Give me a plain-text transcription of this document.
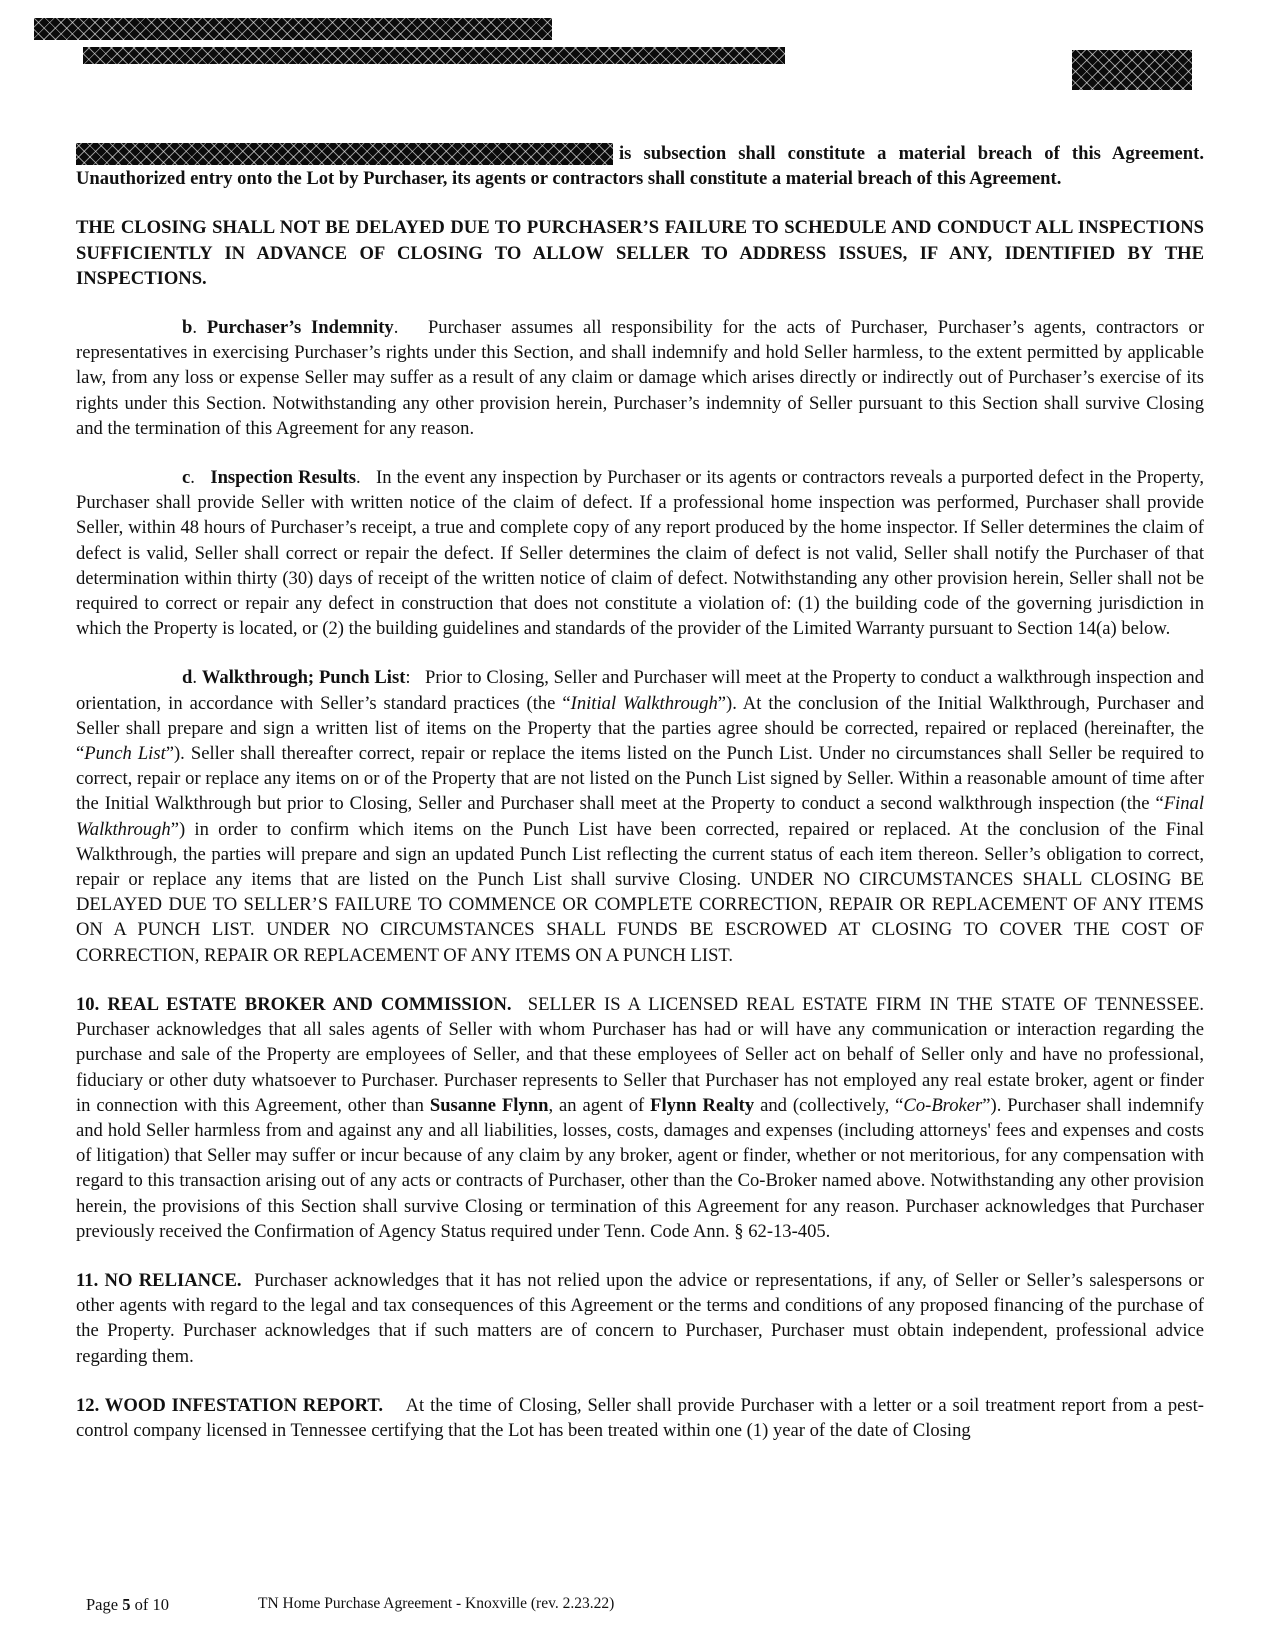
is subsection shall constitute a material breach of this Agreement. Unauthorized entry onto the Lot by Purchaser, its agents or contractors shall constitute a material breach of this Agreement.

THE CLOSING SHALL NOT BE DELAYED DUE TO PURCHASER’S FAILURE TO SCHEDULE AND CONDUCT ALL INSPECTIONS SUFFICIENTLY IN ADVANCE OF CLOSING TO ALLOW SELLER TO ADDRESS ISSUES, IF ANY, IDENTIFIED BY THE INSPECTIONS.

b. Purchaser’s Indemnity.   Purchaser assumes all responsibility for the acts of Purchaser, Purchaser’s agents, contractors or representatives in exercising Purchaser’s rights under this Section, and shall indemnify and hold Seller harmless, to the extent permitted by applicable law, from any loss or expense Seller may suffer as a result of any claim or damage which arises directly or indirectly out of Purchaser’s exercise of its rights under this Section. Notwithstanding any other provision herein, Purchaser’s indemnity of Seller pursuant to this Section shall survive Closing and the termination of this Agreement for any reason.

c.   Inspection Results.   In the event any inspection by Purchaser or its agents or contractors reveals a purported defect in the Property, Purchaser shall provide Seller with written notice of the claim of defect. If a professional home inspection was performed, Purchaser shall provide Seller, within 48 hours of Purchaser’s receipt, a true and complete copy of any report produced by the home inspector. If Seller determines the claim of defect is valid, Seller shall correct or repair the defect. If Seller determines the claim of defect is not valid, Seller shall notify the Purchaser of that determination within thirty (30) days of receipt of the written notice of claim of defect. Notwithstanding any other provision herein, Seller shall not be required to correct or repair any defect in construction that does not constitute a violation of: (1) the building code of the governing jurisdiction in which the Property is located, or (2) the building guidelines and standards of the provider of the Limited Warranty pursuant to Section 14(a) below.

d. Walkthrough; Punch List:   Prior to Closing, Seller and Purchaser will meet at the Property to conduct a walkthrough inspection and orientation, in accordance with Seller’s standard practices (the “Initial Walkthrough”). At the conclusion of the Initial Walkthrough, Purchaser and Seller shall prepare and sign a written list of items on the Property that the parties agree should be corrected, repaired or replaced (hereinafter, the “Punch List”). Seller shall thereafter correct, repair or replace the items listed on the Punch List. Under no circumstances shall Seller be required to correct, repair or replace any items on or of the Property that are not listed on the Punch List signed by Seller. Within a reasonable amount of time after the Initial Walkthrough but prior to Closing, Seller and Purchaser shall meet at the Property to conduct a second walkthrough inspection (the “Final Walkthrough”) in order to confirm which items on the Punch List have been corrected, repaired or replaced. At the conclusion of the Final Walkthrough, the parties will prepare and sign an updated Punch List reflecting the current status of each item thereon. Seller’s obligation to correct, repair or replace any items that are listed on the Punch List shall survive Closing. UNDER NO CIRCUMSTANCES SHALL CLOSING BE DELAYED DUE TO SELLER’S FAILURE TO COMMENCE OR COMPLETE CORRECTION, REPAIR OR REPLACEMENT OF ANY ITEMS ON A PUNCH LIST. UNDER NO CIRCUMSTANCES SHALL FUNDS BE ESCROWED AT CLOSING TO COVER THE COST OF CORRECTION, REPAIR OR REPLACEMENT OF ANY ITEMS ON A PUNCH LIST.

10. REAL ESTATE BROKER AND COMMISSION. SELLER IS A LICENSED REAL ESTATE FIRM IN THE STATE OF TENNESSEE. Purchaser acknowledges that all sales agents of Seller with whom Purchaser has had or will have any communication or interaction regarding the purchase and sale of the Property are employees of Seller, and that these employees of Seller act on behalf of Seller only and have no professional, fiduciary or other duty whatsoever to Purchaser. Purchaser represents to Seller that Purchaser has not employed any real estate broker, agent or finder in connection with this Agreement, other than Susanne Flynn, an agent of Flynn Realty and (collectively, “Co-Broker”). Purchaser shall indemnify and hold Seller harmless from and against any and all liabilities, losses, costs, damages and expenses (including attorneys' fees and expenses and costs of litigation) that Seller may suffer or incur because of any claim by any broker, agent or finder, whether or not meritorious, for any compensation with regard to this transaction arising out of any acts or contracts of Purchaser, other than the Co-Broker named above. Notwithstanding any other provision herein, the provisions of this Section shall survive Closing or termination of this Agreement for any reason. Purchaser acknowledges that Purchaser previously received the Confirmation of Agency Status required under Tenn. Code Ann. § 62-13-405.

11. NO RELIANCE. Purchaser acknowledges that it has not relied upon the advice or representations, if any, of Seller or Seller’s salespersons or other agents with regard to the legal and tax consequences of this Agreement or the terms and conditions of any proposed financing of the purchase of the Property. Purchaser acknowledges that if such matters are of concern to Purchaser, Purchaser must obtain independent, professional advice regarding them.

12. WOOD INFESTATION REPORT. At the time of Closing, Seller shall provide Purchaser with a letter or a soil treatment report from a pest-control company licensed in Tennessee certifying that the Lot has been treated within one (1) year of the date of Closing

Page 5 of 10	TN Home Purchase Agreement - Knoxville (rev. 2.23.22)
